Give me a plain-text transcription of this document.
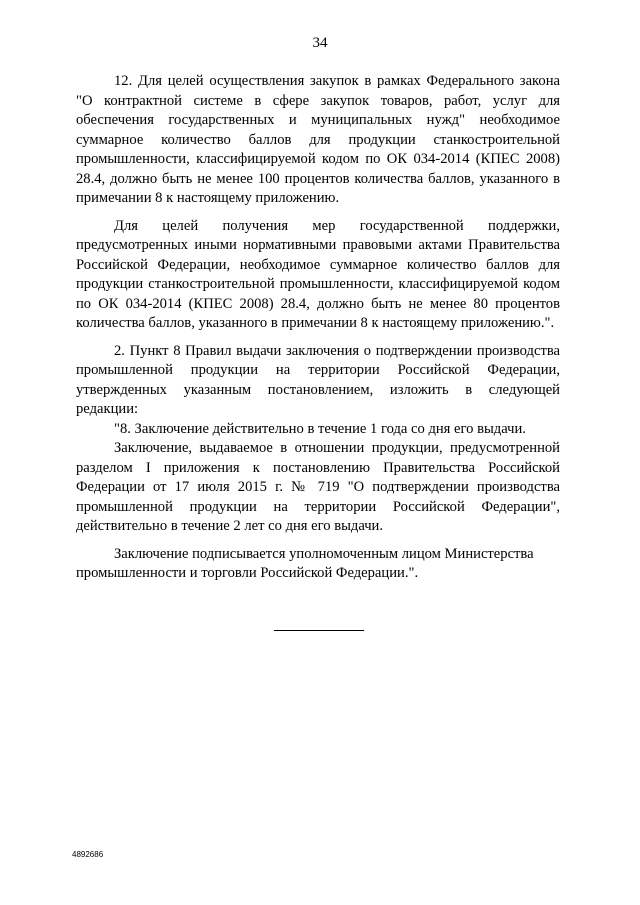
34

12. Для целей осуществления закупок в рамках Федерального закона "О контрактной системе в сфере закупок товаров, работ, услуг для обеспечения государственных и муниципальных нужд" необходимое суммарное количество баллов для продукции станкостроительной промышленности, классифицируемой кодом по ОК 034-2014 (КПЕС 2008) 28.4, должно быть не менее 100 процентов количества баллов, указанного в примечании 8 к настоящему приложению.

Для целей получения мер государственной поддержки, предусмотренных иными нормативными правовыми актами Правительства Российской Федерации, необходимое суммарное количество баллов для продукции станкостроительной промышленности, классифицируемой кодом по ОК 034-2014 (КПЕС 2008) 28.4, должно быть не менее 80 процентов количества баллов, указанного в примечании 8 к настоящему приложению.".

2. Пункт 8 Правил выдачи заключения о подтверждении производства промышленной продукции на территории Российской Федерации, утвержденных указанным постановлением, изложить в следующей редакции:

"8. Заключение действительно в течение 1 года со дня его выдачи.

Заключение, выдаваемое в отношении продукции, предусмотренной разделом I приложения к постановлению Правительства Российской Федерации от 17 июля 2015 г. № 719 "О подтверждении производства промышленной продукции на территории Российской Федерации", действительно в течение 2 лет со дня его выдачи.

Заключение подписывается уполномоченным лицом Министерства промышленности и торговли Российской Федерации.".

4892686
